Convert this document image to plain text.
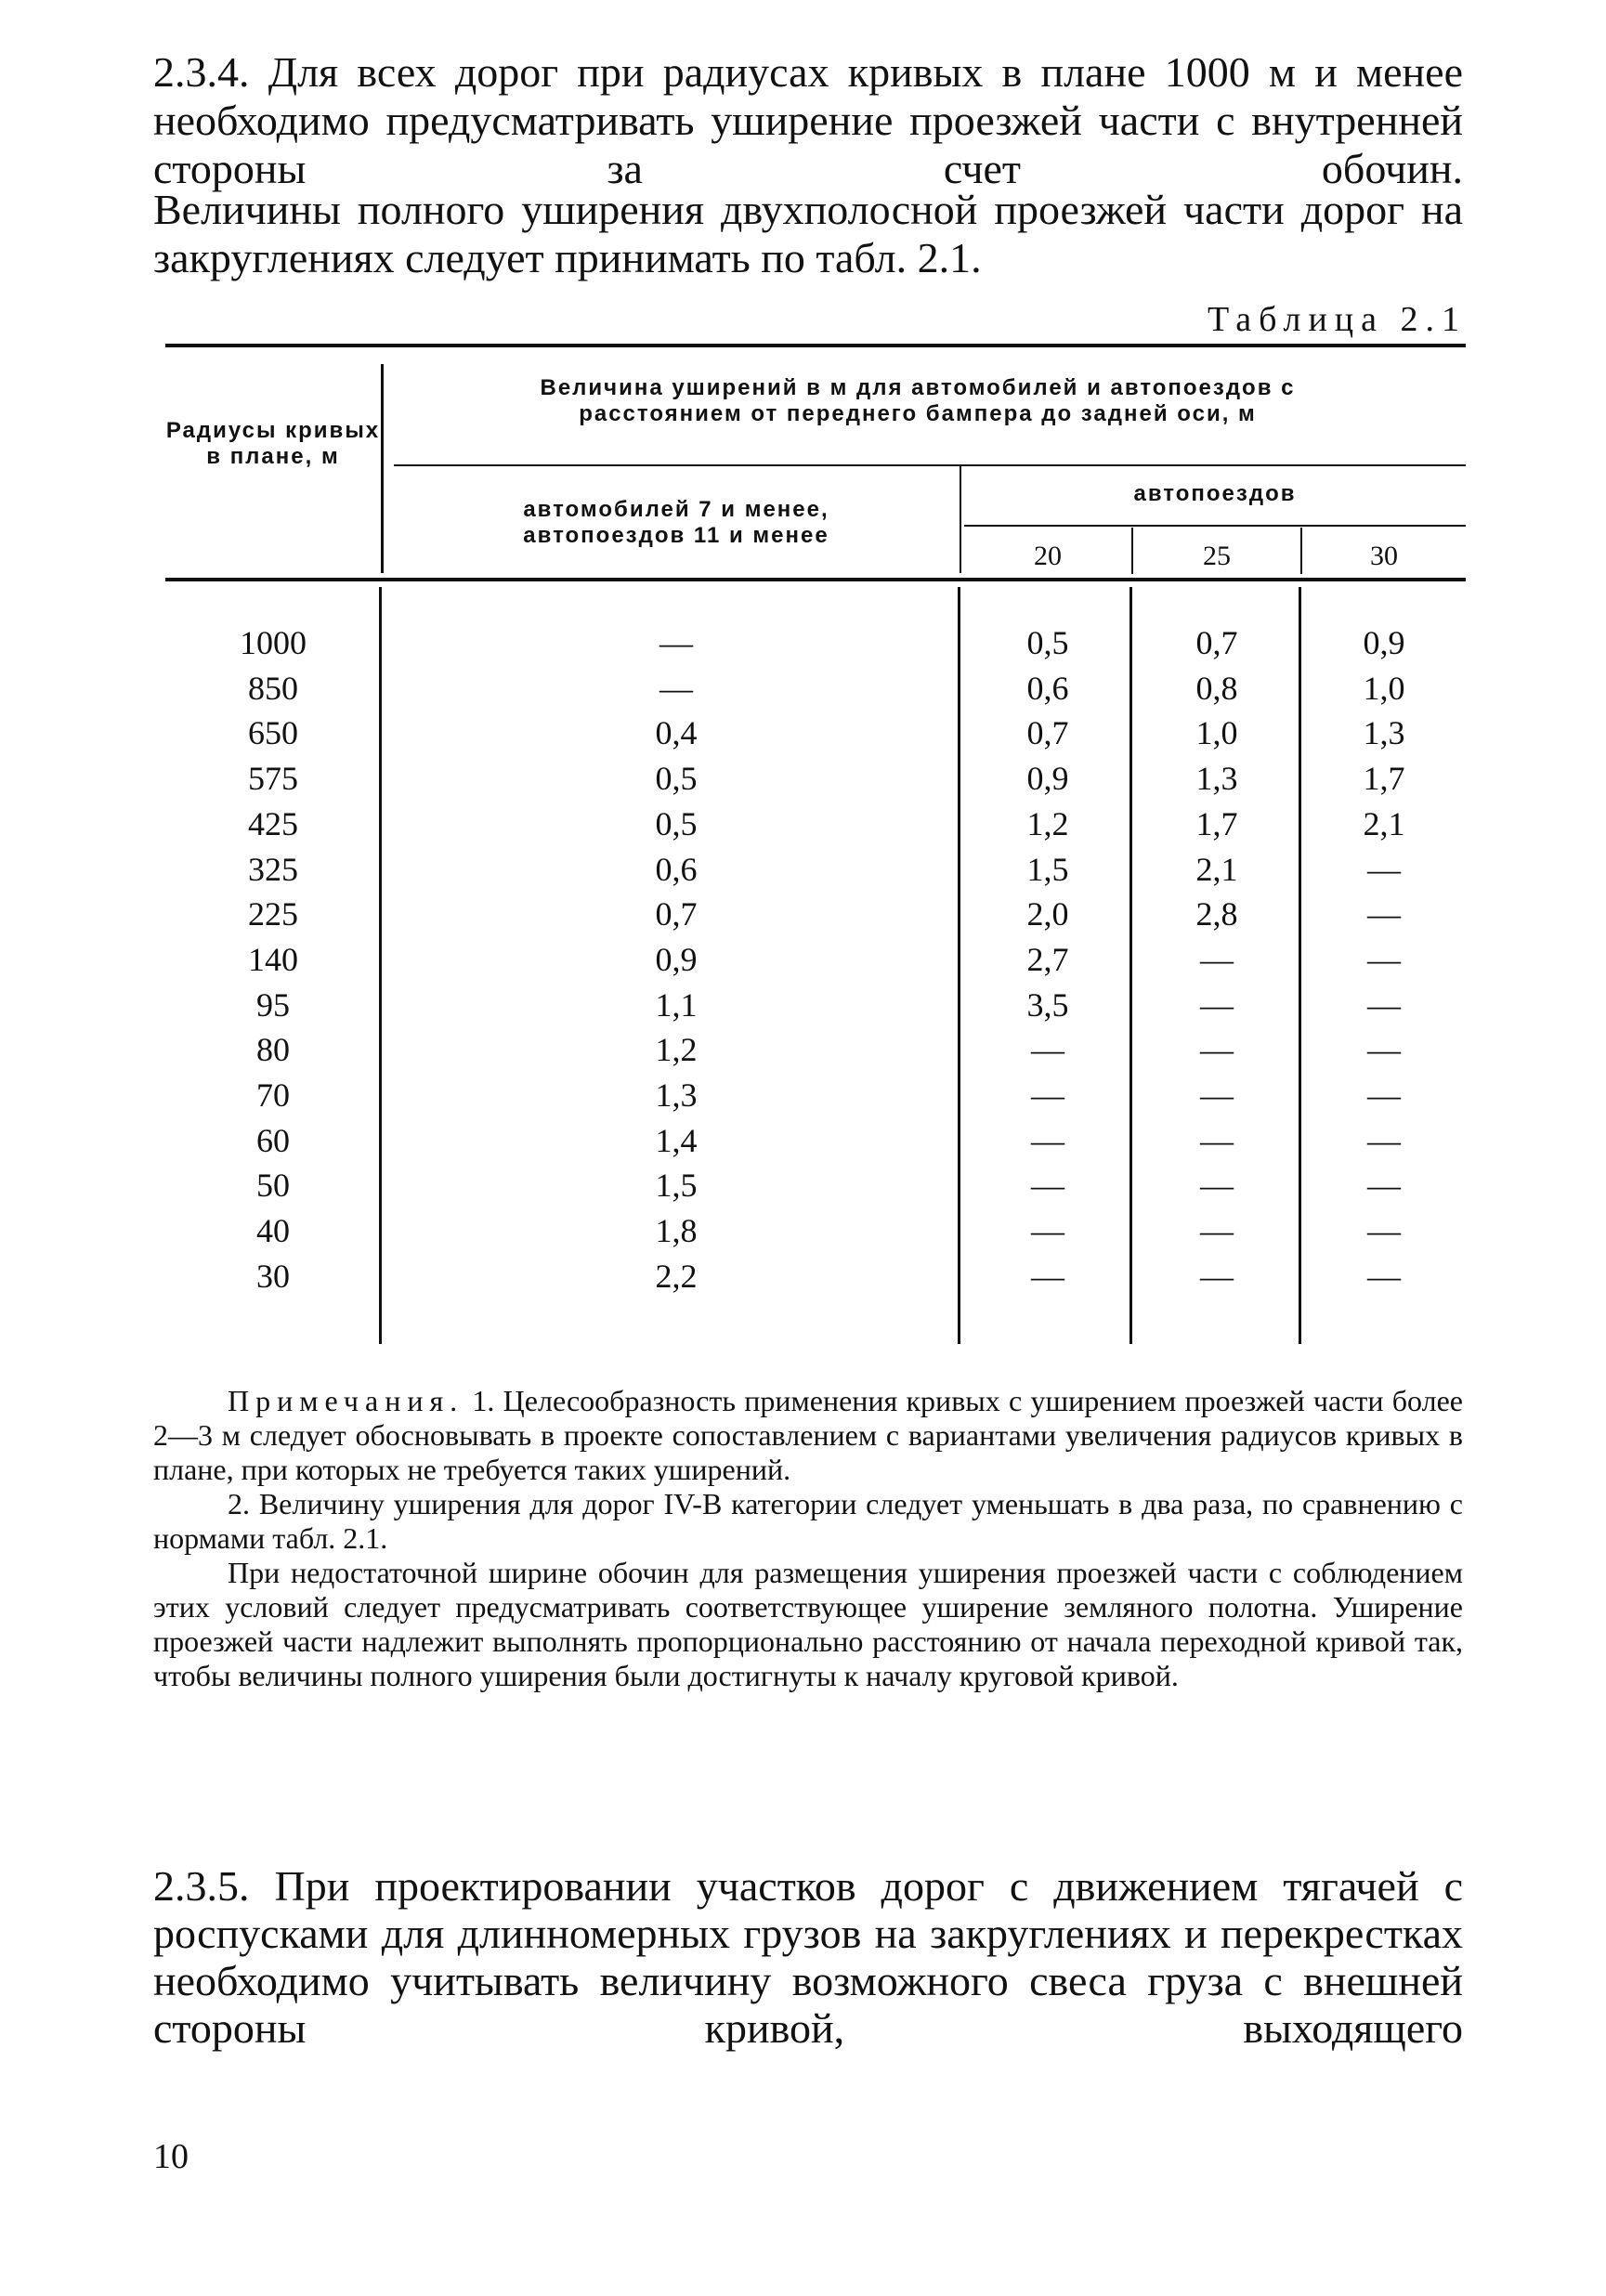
2.3.4. Для всех дорог при радиусах кривых в плане 1000 м и менее необходимо предусматривать уширение проезжей части с внутренней стороны за счет обочин.

Величины полного уширения двухполосной проезжей части дорог на закруглениях следует принимать по табл. 2.1.

Таблица 2.1
Радиусы кривых в плане, м
Величина уширений в м для автомобилей и автопоездов с расстоянием от переднего бампера до задней оси, м
автомобилей 7 и менее, автопоездов 11 и менее
автопоездов
20	25	30
1000	—	0,5	0,7	0,9
850	—	0,6	0,8	1,0
650	0,4	0,7	1,0	1,3
575	0,5	0,9	1,3	1,7
425	0,5	1,2	1,7	2,1
325	0,6	1,5	2,1	—
225	0,7	2,0	2,8	—
140	0,9	2,7	—	—
95	1,1	3,5	—	—
80	1,2	—	—	—
70	1,3	—	—	—
60	1,4	—	—	—
50	1,5	—	—	—
40	1,8	—	—	—
30	2,2	—	—	—

Примечания. 1. Целесообразность применения кривых с уширением проезжей части более 2—3 м следует обосновывать в проекте сопоставлением с вариантами увеличения радиусов кривых в плане, при которых не требуется таких уширений.

2. Величину уширения для дорог IV-В категории следует уменьшать в два раза, по сравнению с нормами табл. 2.1.

При недостаточной ширине обочин для размещения уширения проезжей части с соблюдением этих условий следует предусматривать соответствующее уширение земляного полотна. Уширение проезжей части надлежит выполнять пропорционально расстоянию от начала переходной кривой так, чтобы величины полного уширения были достигнуты к началу круговой кривой.

2.3.5. При проектировании участков дорог с движением тягачей с роспусками для длинномерных грузов на закруглениях и перекрестках необходимо учитывать величину возможного свеса груза с внешней стороны кривой, выходящего

10
